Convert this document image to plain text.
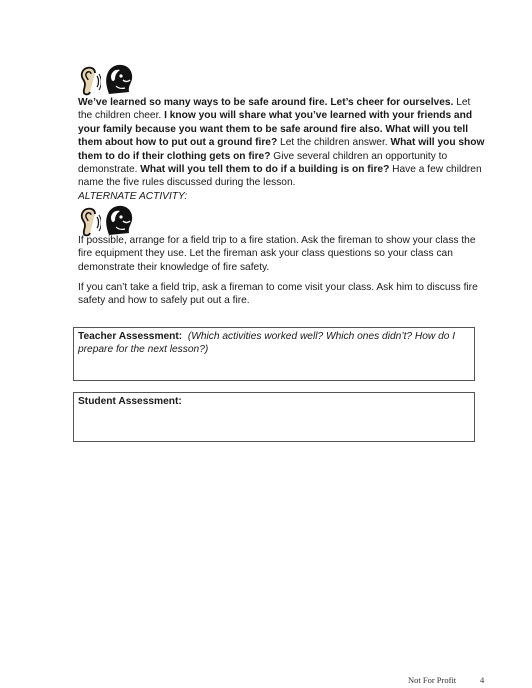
We’ve learned so many ways to be safe around fire. Let’s cheer for ourselves. Let the children cheer. I know you will share what you’ve learned with your friends and your family because you want them to be safe around fire also. What will you tell them about how to put out a ground fire? Let the children answer. What will you show them to do if their clothing gets on fire? Give several children an opportunity to demonstrate. What will you tell them to do if a building is on fire? Have a few children name the five rules discussed during the lesson.

ALTERNATE ACTIVITY:

If possible, arrange for a field trip to a fire station. Ask the fireman to show your class the fire equipment they use. Let the fireman ask your class questions so your class can demonstrate their knowledge of fire safety.

If you can’t take a field trip, ask a fireman to come visit your class. Ask him to discuss fire safety and how to safely put out a fire.

Teacher Assessment: (Which activities worked well? Which ones didn’t? How do I prepare for the next lesson?)
Student Assessment:
Not For Profit	4
